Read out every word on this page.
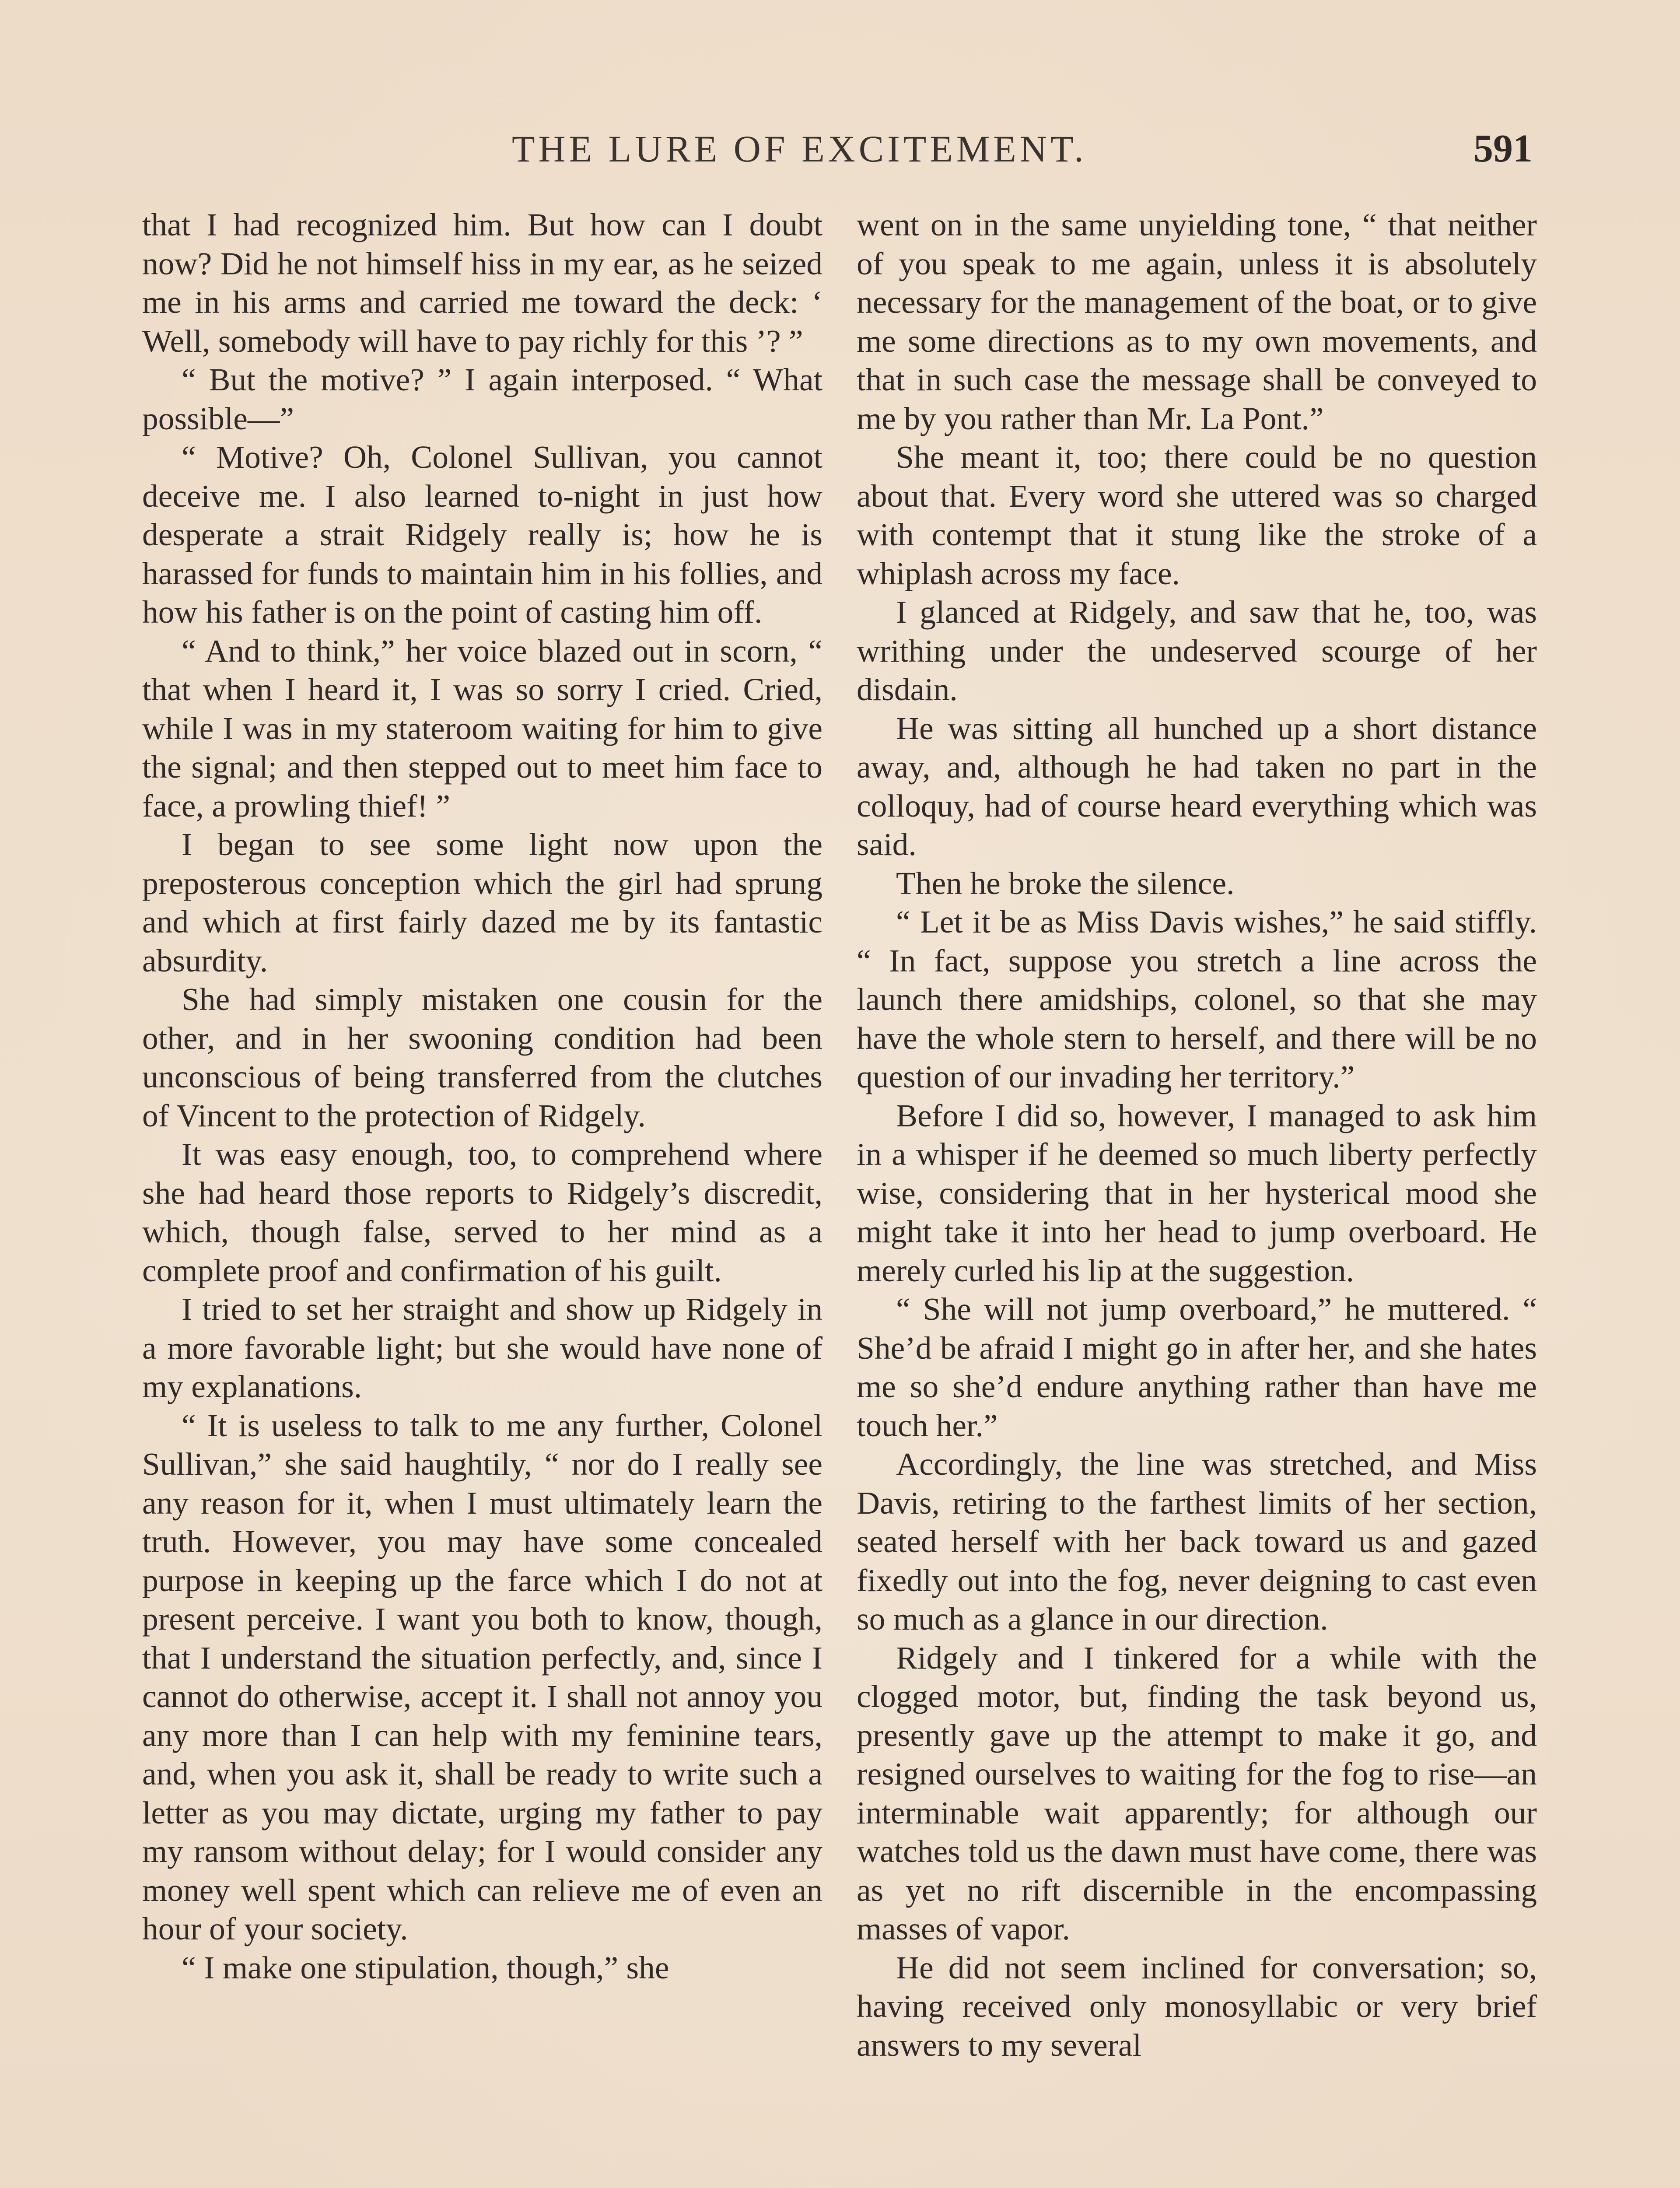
THE LURE OF EXCITEMENT.	591

that I had recognized him. But how can I doubt now? Did he not himself hiss in my ear, as he seized me in his arms and carried me toward the deck: ‘ Well, somebody will have to pay richly for this ’? ”

“ But the motive? ” I again interposed. “ What possible—”

“ Motive? Oh, Colonel Sullivan, you cannot deceive me. I also learned to-night in just how desperate a strait Ridgely really is; how he is harassed for funds to maintain him in his follies, and how his father is on the point of casting him off.

“ And to think,” her voice blazed out in scorn, “ that when I heard it, I was so sorry I cried. Cried, while I was in my stateroom waiting for him to give the signal; and then stepped out to meet him face to face, a prowling thief! ”

I began to see some light now upon the preposterous conception which the girl had sprung and which at first fairly dazed me by its fantastic absurdity.

She had simply mistaken one cousin for the other, and in her swooning condition had been unconscious of being transferred from the clutches of Vincent to the protection of Ridgely.

It was easy enough, too, to comprehend where she had heard those reports to Ridgely’s discredit, which, though false, served to her mind as a complete proof and confirmation of his guilt.

I tried to set her straight and show up Ridgely in a more favorable light; but she would have none of my explanations.

“ It is useless to talk to me any further, Colonel Sullivan,” she said haughtily, “ nor do I really see any reason for it, when I must ultimately learn the truth. However, you may have some concealed purpose in keeping up the farce which I do not at present perceive. I want you both to know, though, that I understand the situation perfectly, and, since I cannot do otherwise, accept it. I shall not annoy you any more than I can help with my feminine tears, and, when you ask it, shall be ready to write such a letter as you may dictate, urging my father to pay my ransom without delay; for I would consider any money well spent which can relieve me of even an hour of your society.

“ I make one stipulation, though,” she

went on in the same unyielding tone, “ that neither of you speak to me again, unless it is absolutely necessary for the management of the boat, or to give me some directions as to my own movements, and that in such case the message shall be conveyed to me by you rather than Mr. La Pont.”

She meant it, too; there could be no question about that. Every word she uttered was so charged with contempt that it stung like the stroke of a whiplash across my face.

I glanced at Ridgely, and saw that he, too, was writhing under the undeserved scourge of her disdain.

He was sitting all hunched up a short distance away, and, although he had taken no part in the colloquy, had of course heard everything which was said.

Then he broke the silence.

“ Let it be as Miss Davis wishes,” he said stiffly. “ In fact, suppose you stretch a line across the launch there amidships, colonel, so that she may have the whole stern to herself, and there will be no question of our invading her territory.”

Before I did so, however, I managed to ask him in a whisper if he deemed so much liberty perfectly wise, considering that in her hysterical mood she might take it into her head to jump overboard. He merely curled his lip at the suggestion.

“ She will not jump overboard,” he muttered. “ She’d be afraid I might go in after her, and she hates me so she’d endure anything rather than have me touch her.”

Accordingly, the line was stretched, and Miss Davis, retiring to the farthest limits of her section, seated herself with her back toward us and gazed fixedly out into the fog, never deigning to cast even so much as a glance in our direction.

Ridgely and I tinkered for a while with the clogged motor, but, finding the task beyond us, presently gave up the attempt to make it go, and resigned ourselves to waiting for the fog to rise—an interminable wait apparently; for although our watches told us the dawn must have come, there was as yet no rift discernible in the encompassing masses of vapor.

He did not seem inclined for conversation; so, having received only monosyllabic or very brief answers to my several
